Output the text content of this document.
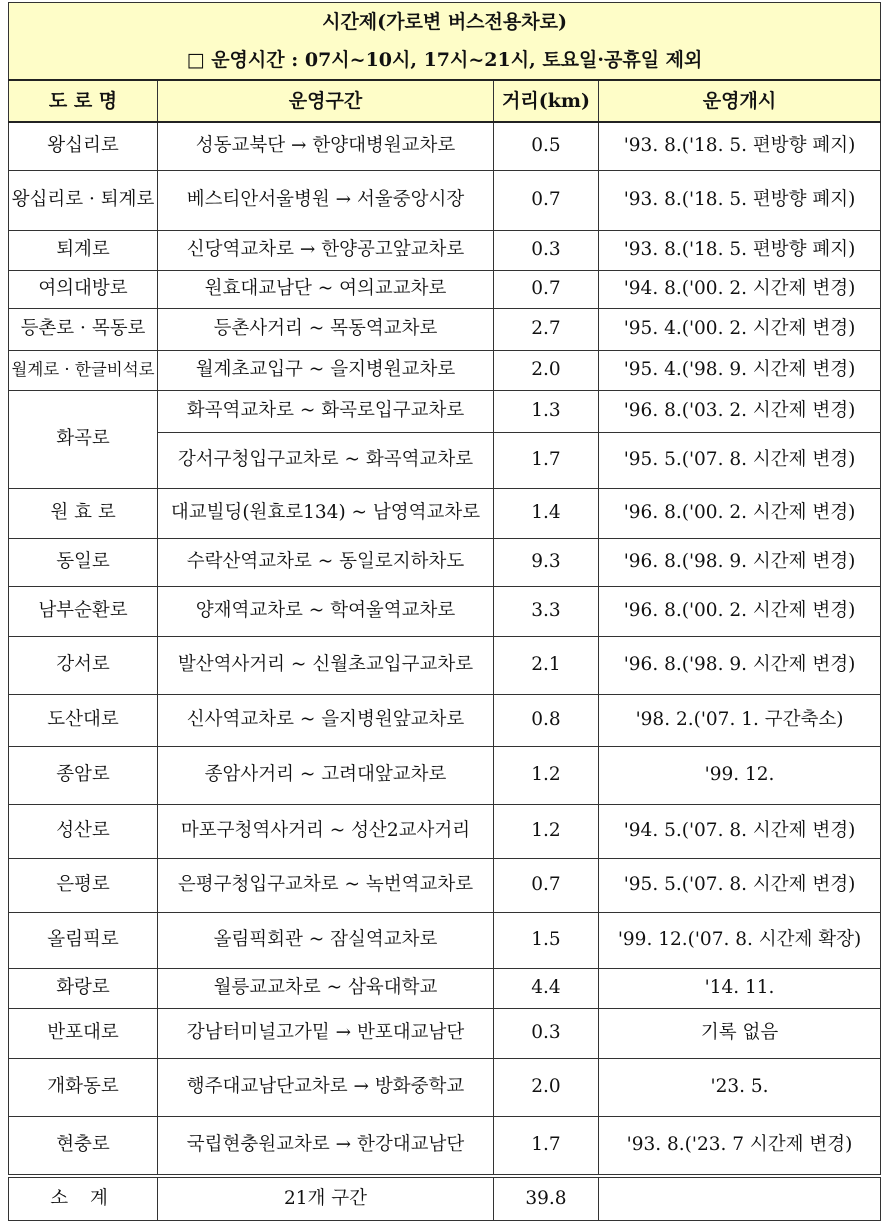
시간제(가로변 버스전용차로)			
□ 운영시간 : 07시~10시, 17시~21시, 토요일·공휴일 제외			
도 로 명	운영구간	거리(km)	운영개시
왕십리로	성동교북단 → 한양대병원교차로	0.5	'93. 8.('18. 5. 편방향 폐지)
왕십리로 · 퇴계로	베스티안서울병원 → 서울중앙시장	0.7	'93. 8.('18. 5. 편방향 폐지)
퇴계로	신당역교차로 → 한양공고앞교차로	0.3	'93. 8.('18. 5. 편방향 폐지)
여의대방로	원효대교남단 ~ 여의교교차로	0.7	'94. 8.('00. 2. 시간제 변경)
등촌로 · 목동로	등촌사거리 ~ 목동역교차로	2.7	'95. 4.('00. 2. 시간제 변경)
월계로 · 한글비석로	월계초교입구 ~ 을지병원교차로	2.0	'95. 4.('98. 9. 시간제 변경)
화곡로	화곡역교차로 ~ 화곡로입구교차로	1.3	'96. 8.('03. 2. 시간제 변경)
	강서구청입구교차로 ~ 화곡역교차로	1.7	'95. 5.('07. 8. 시간제 변경)
원 효 로	대교빌딩(원효로134) ~ 남영역교차로	1.4	'96. 8.('00. 2. 시간제 변경)
동일로	수락산역교차로 ~ 동일로지하차도	9.3	'96. 8.('98. 9. 시간제 변경)
남부순환로	양재역교차로 ~ 학여울역교차로	3.3	'96. 8.('00. 2. 시간제 변경)
강서로	발산역사거리 ~ 신월초교입구교차로	2.1	'96. 8.('98. 9. 시간제 변경)
도산대로	신사역교차로 ~ 을지병원앞교차로	0.8	'98. 2.('07. 1. 구간축소)
종암로	종암사거리 ~ 고려대앞교차로	1.2	'99. 12.
성산로	마포구청역사거리 ~ 성산2교사거리	1.2	'94. 5.('07. 8. 시간제 변경)
은평로	은평구청입구교차로 ~ 녹번역교차로	0.7	'95. 5.('07. 8. 시간제 변경)
올림픽로	올림픽회관 ~ 잠실역교차로	1.5	'99. 12.('07. 8. 시간제 확장)
화랑로	월릉교교차로 ~ 삼육대학교	4.4	'14. 11.
반포대로	강남터미널고가밑 → 반포대교남단	0.3	기록 없음
개화동로	행주대교남단교차로 → 방화중학교	2.0	'23. 5.
현충로	국립현충원교차로 → 한강대교남단	1.7	'93. 8.('23. 7 시간제 변경)
소 계	21개 구간	39.8	
